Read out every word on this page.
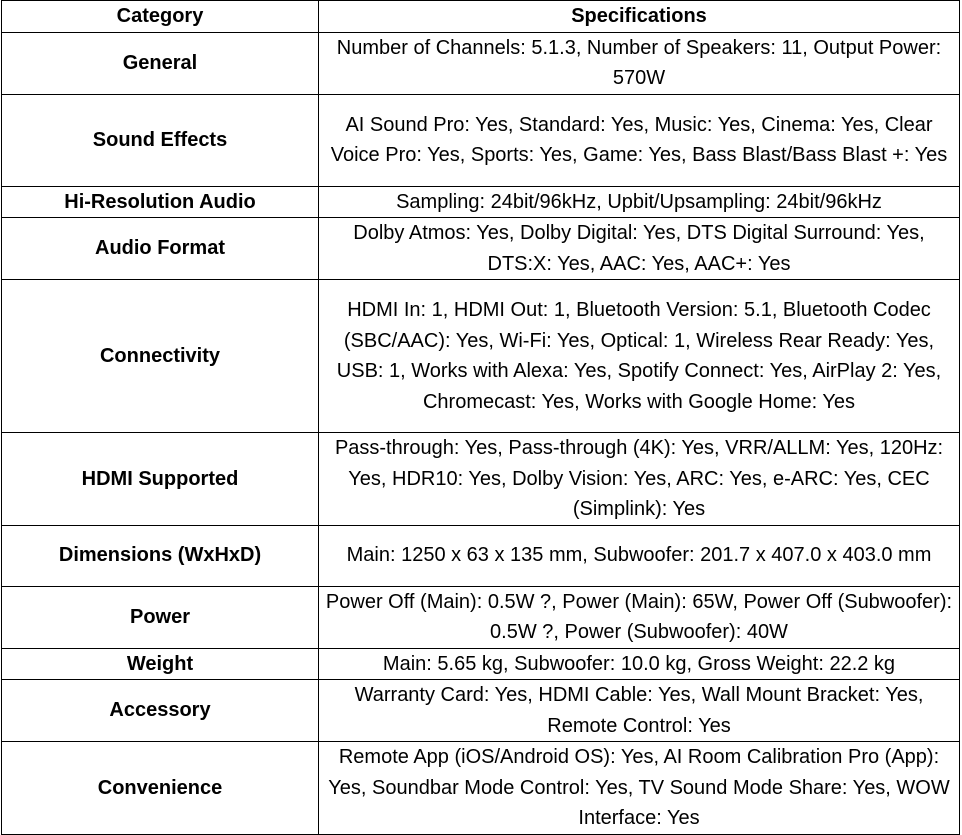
Category	Specifications
General	Number of Channels: 5.1.3, Number of Speakers: 11, Output Power: 570W
Sound Effects	AI Sound Pro: Yes, Standard: Yes, Music: Yes, Cinema: Yes, Clear Voice Pro: Yes, Sports: Yes, Game: Yes, Bass Blast/Bass Blast +: Yes
Hi-Resolution Audio	Sampling: 24bit/96kHz, Upbit/Upsampling: 24bit/96kHz
Audio Format	Dolby Atmos: Yes, Dolby Digital: Yes, DTS Digital Surround: Yes, DTS:X: Yes, AAC: Yes, AAC+: Yes
Connectivity	HDMI In: 1, HDMI Out: 1, Bluetooth Version: 5.1, Bluetooth Codec (SBC/AAC): Yes, Wi-Fi: Yes, Optical: 1, Wireless Rear Ready: Yes, USB: 1, Works with Alexa: Yes, Spotify Connect: Yes, AirPlay 2: Yes, Chromecast: Yes, Works with Google Home: Yes
HDMI Supported	Pass-through: Yes, Pass-through (4K): Yes, VRR/ALLM: Yes, 120Hz: Yes, HDR10: Yes, Dolby Vision: Yes, ARC: Yes, e-ARC: Yes, CEC (Simplink): Yes
Dimensions (WxHxD)	Main: 1250 x 63 x 135 mm, Subwoofer: 201.7 x 407.0 x 403.0 mm
Power	Power Off (Main): 0.5W ?, Power (Main): 65W, Power Off (Subwoofer): 0.5W ?, Power (Subwoofer): 40W
Weight	Main: 5.65 kg, Subwoofer: 10.0 kg, Gross Weight: 22.2 kg
Accessory	Warranty Card: Yes, HDMI Cable: Yes, Wall Mount Bracket: Yes, Remote Control: Yes
Convenience	Remote App (iOS/Android OS): Yes, AI Room Calibration Pro (App): Yes, Soundbar Mode Control: Yes, TV Sound Mode Share: Yes, WOW Interface: Yes
